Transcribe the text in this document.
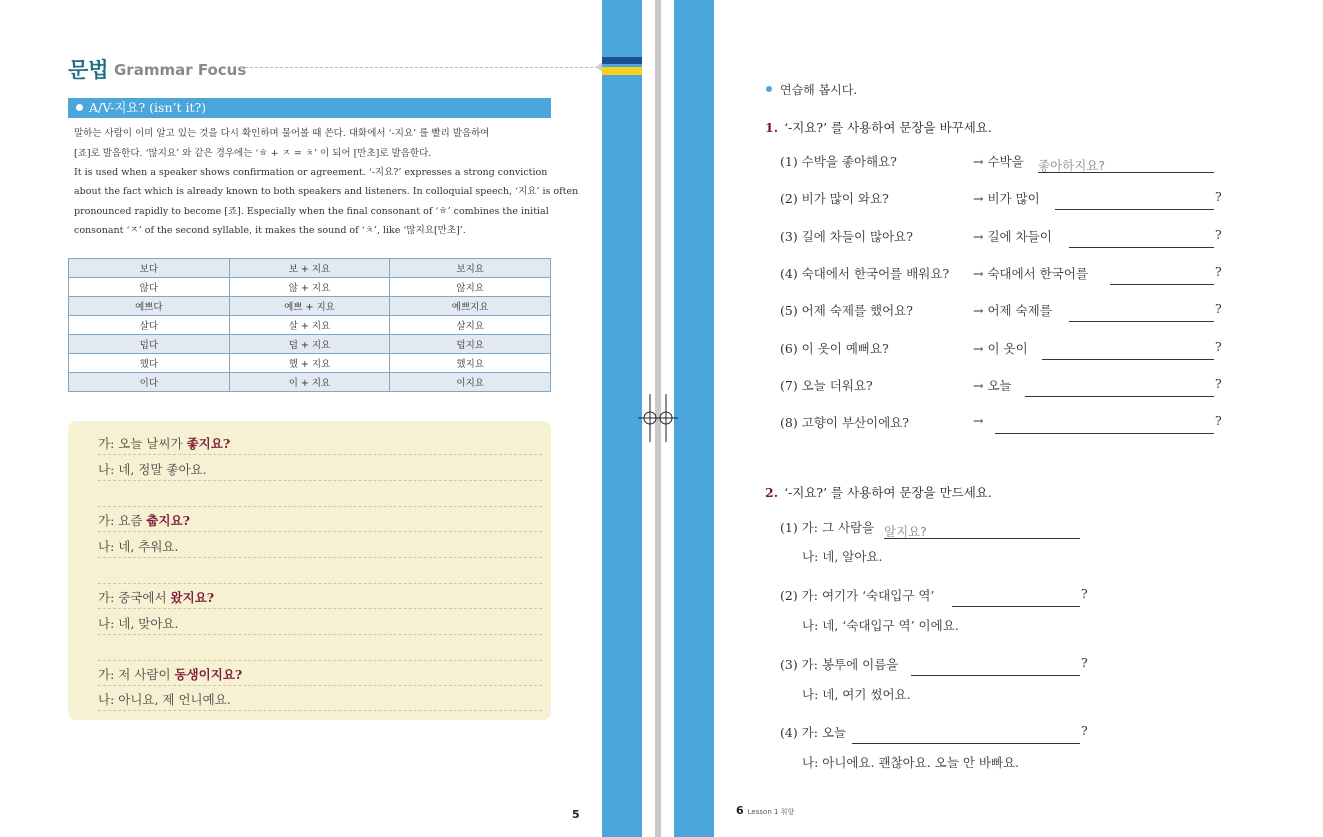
문법 Grammar Focus
A/V-지요? (isn’t it?)
말하는 사람이 이미 알고 있는 것을 다시 확인하며 물어볼 때 쓴다. 대화에서 ‘-지요’ 를 빨리 발음하여
[죠]로 발음한다. ‘많지요’ 와 같은 경우에는 ‘ㅎ + ㅈ = ㅊ’ 이 되어 [만초]로 발음한다.
It is used when a speaker shows confirmation or agreement. ‘-지요?’ expresses a strong conviction
about the fact which is already known to both speakers and listeners. In colloquial speech, ‘지요’ is often
pronounced rapidly to become [죠]. Especially when the final consonant of ‘ㅎ’ combines the initial
consonant ‘ㅈ’ of the second syllable, it makes the sound of ‘ㅊ’, like ‘많지요[만초]’.
보다	보 + 지요	보지요
않다	않 + 지요	않지요
예쁘다	예쁘 + 지요	예쁘지요
살다	살 + 지요	살지요
덥다	덥 + 지요	덥지요
했다	했 + 지요	했지요
이다	이 + 지요	이지요
가: 오늘 날씨가 좋지요?
나: 네, 정말 좋아요.
가: 요즘 춥지요?
나: 네, 추워요.
가: 중국에서 왔지요?
나: 네, 맞아요.
가: 저 사람이 동생이지요?
나: 아니요, 제 언니예요.
5
연습해 봅시다.
1. ‘-지요?’ 를 사용하여 문장을 바꾸세요.
(1) 수박을 좋아해요?	→ 수박을 좋아하지요?
(2) 비가 많이 와요?	→ 비가 많이	?
(3) 길에 차들이 많아요?	→ 길에 차들이	?
(4) 숙대에서 한국어를 배워요? → 숙대에서 한국어를	?
(5) 어제 숙제를 했어요?	→ 어제 숙제를	?
(6) 이 옷이 예뻐요?	→ 이 옷이	?
(7) 오늘 더워요?	→ 오늘	?
(8) 고향이 부산이에요?	→	?
2. ‘-지요?’ 를 사용하여 문장을 만드세요.
(1) 가: 그 사람을 알지요?
나: 네, 알아요.
(2) 가: 여기가 ‘숙대입구 역’	?
나: 네, ‘숙대입구 역’ 이에요.
(3) 가: 봉투에 이름을	?
나: 네, 여기 썼어요.
(4) 가: 오늘	?
나: 아니에요. 괜찮아요. 오늘 안 바빠요.
6 Lesson 1 취향
